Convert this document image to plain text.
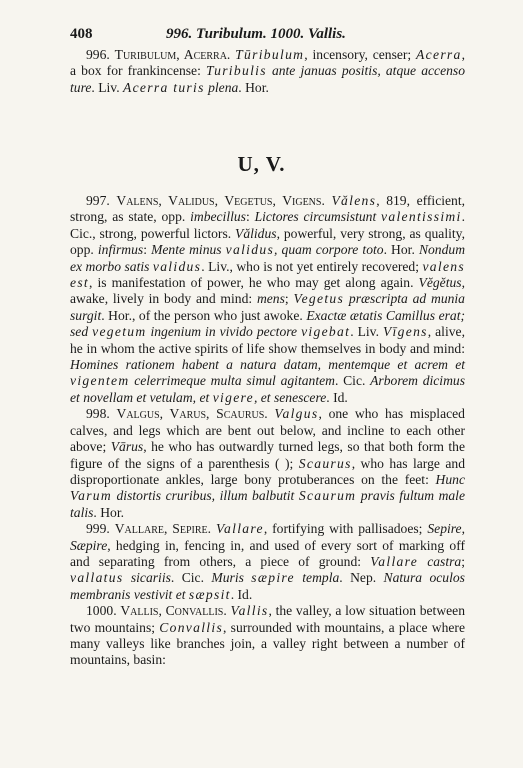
408	996. Turibulum. 1000. Vallis.

996. Turibulum, Acerra. Tūribulum, incensory, censer; Acerra, a box for frankincense: Turibulis ante januas positis, atque accenso ture. Liv. Acerra turis plena. Hor.

U, V.

997. Valens, Validus, Vegetus, Vigens. Vălens, 819, efficient, strong, as state, opp. imbecillus: Lictores circumsistunt valentissimi. Cic., strong, powerful lictors. Vălidus, powerful, very strong, as quality, opp. infirmus: Mente minus validus, quam corpore toto. Hor. Nondum ex morbo satis validus. Liv., who is not yet entirely recovered; valens est, is manifestation of power, he who may get along again. Vĕgĕtus, awake, lively in body and mind: mens; Vegetus præscripta ad munia surgit. Hor., of the person who just awoke. Exactæ ætatis Camillus erat; sed vegetum ingenium in vivido pectore vigebat. Liv. Vīgens, alive, he in whom the active spirits of life show themselves in body and mind: Homines rationem habent a natura datam, mentemque et acrem et vigentem celerrimeque multa simul agitantem. Cic. Arborem dicimus et novellam et vetulam, et vigere, et senescere. Id.

998. Valgus, Varus, Scaurus. Valgus, one who has misplaced calves, and legs which are bent out below, and incline to each other above; Vārus, he who has outwardly turned legs, so that both form the figure of the signs of a parenthesis ( ); Scaurus, who has large and disproportionate ankles, large bony protuberances on the feet: Hunc Varum distortis cruribus, illum balbutit Scaurum pravis fultum male talis. Hor.

999. Vallare, Sepire. Vallare, fortifying with pallisadoes; Sepire, Sæpire, hedging in, fencing in, and used of every sort of marking off and separating from others, a piece of ground: Vallare castra; vallatus sicariis. Cic. Muris sæpire templa. Nep. Natura oculos membranis vestivit et sæpsit. Id.

1000. Vallis, Convallis. Vallis, the valley, a low situation between two mountains; Convallis, surrounded with mountains, a place where many valleys like branches join, a valley right between a number of mountains, basin:
